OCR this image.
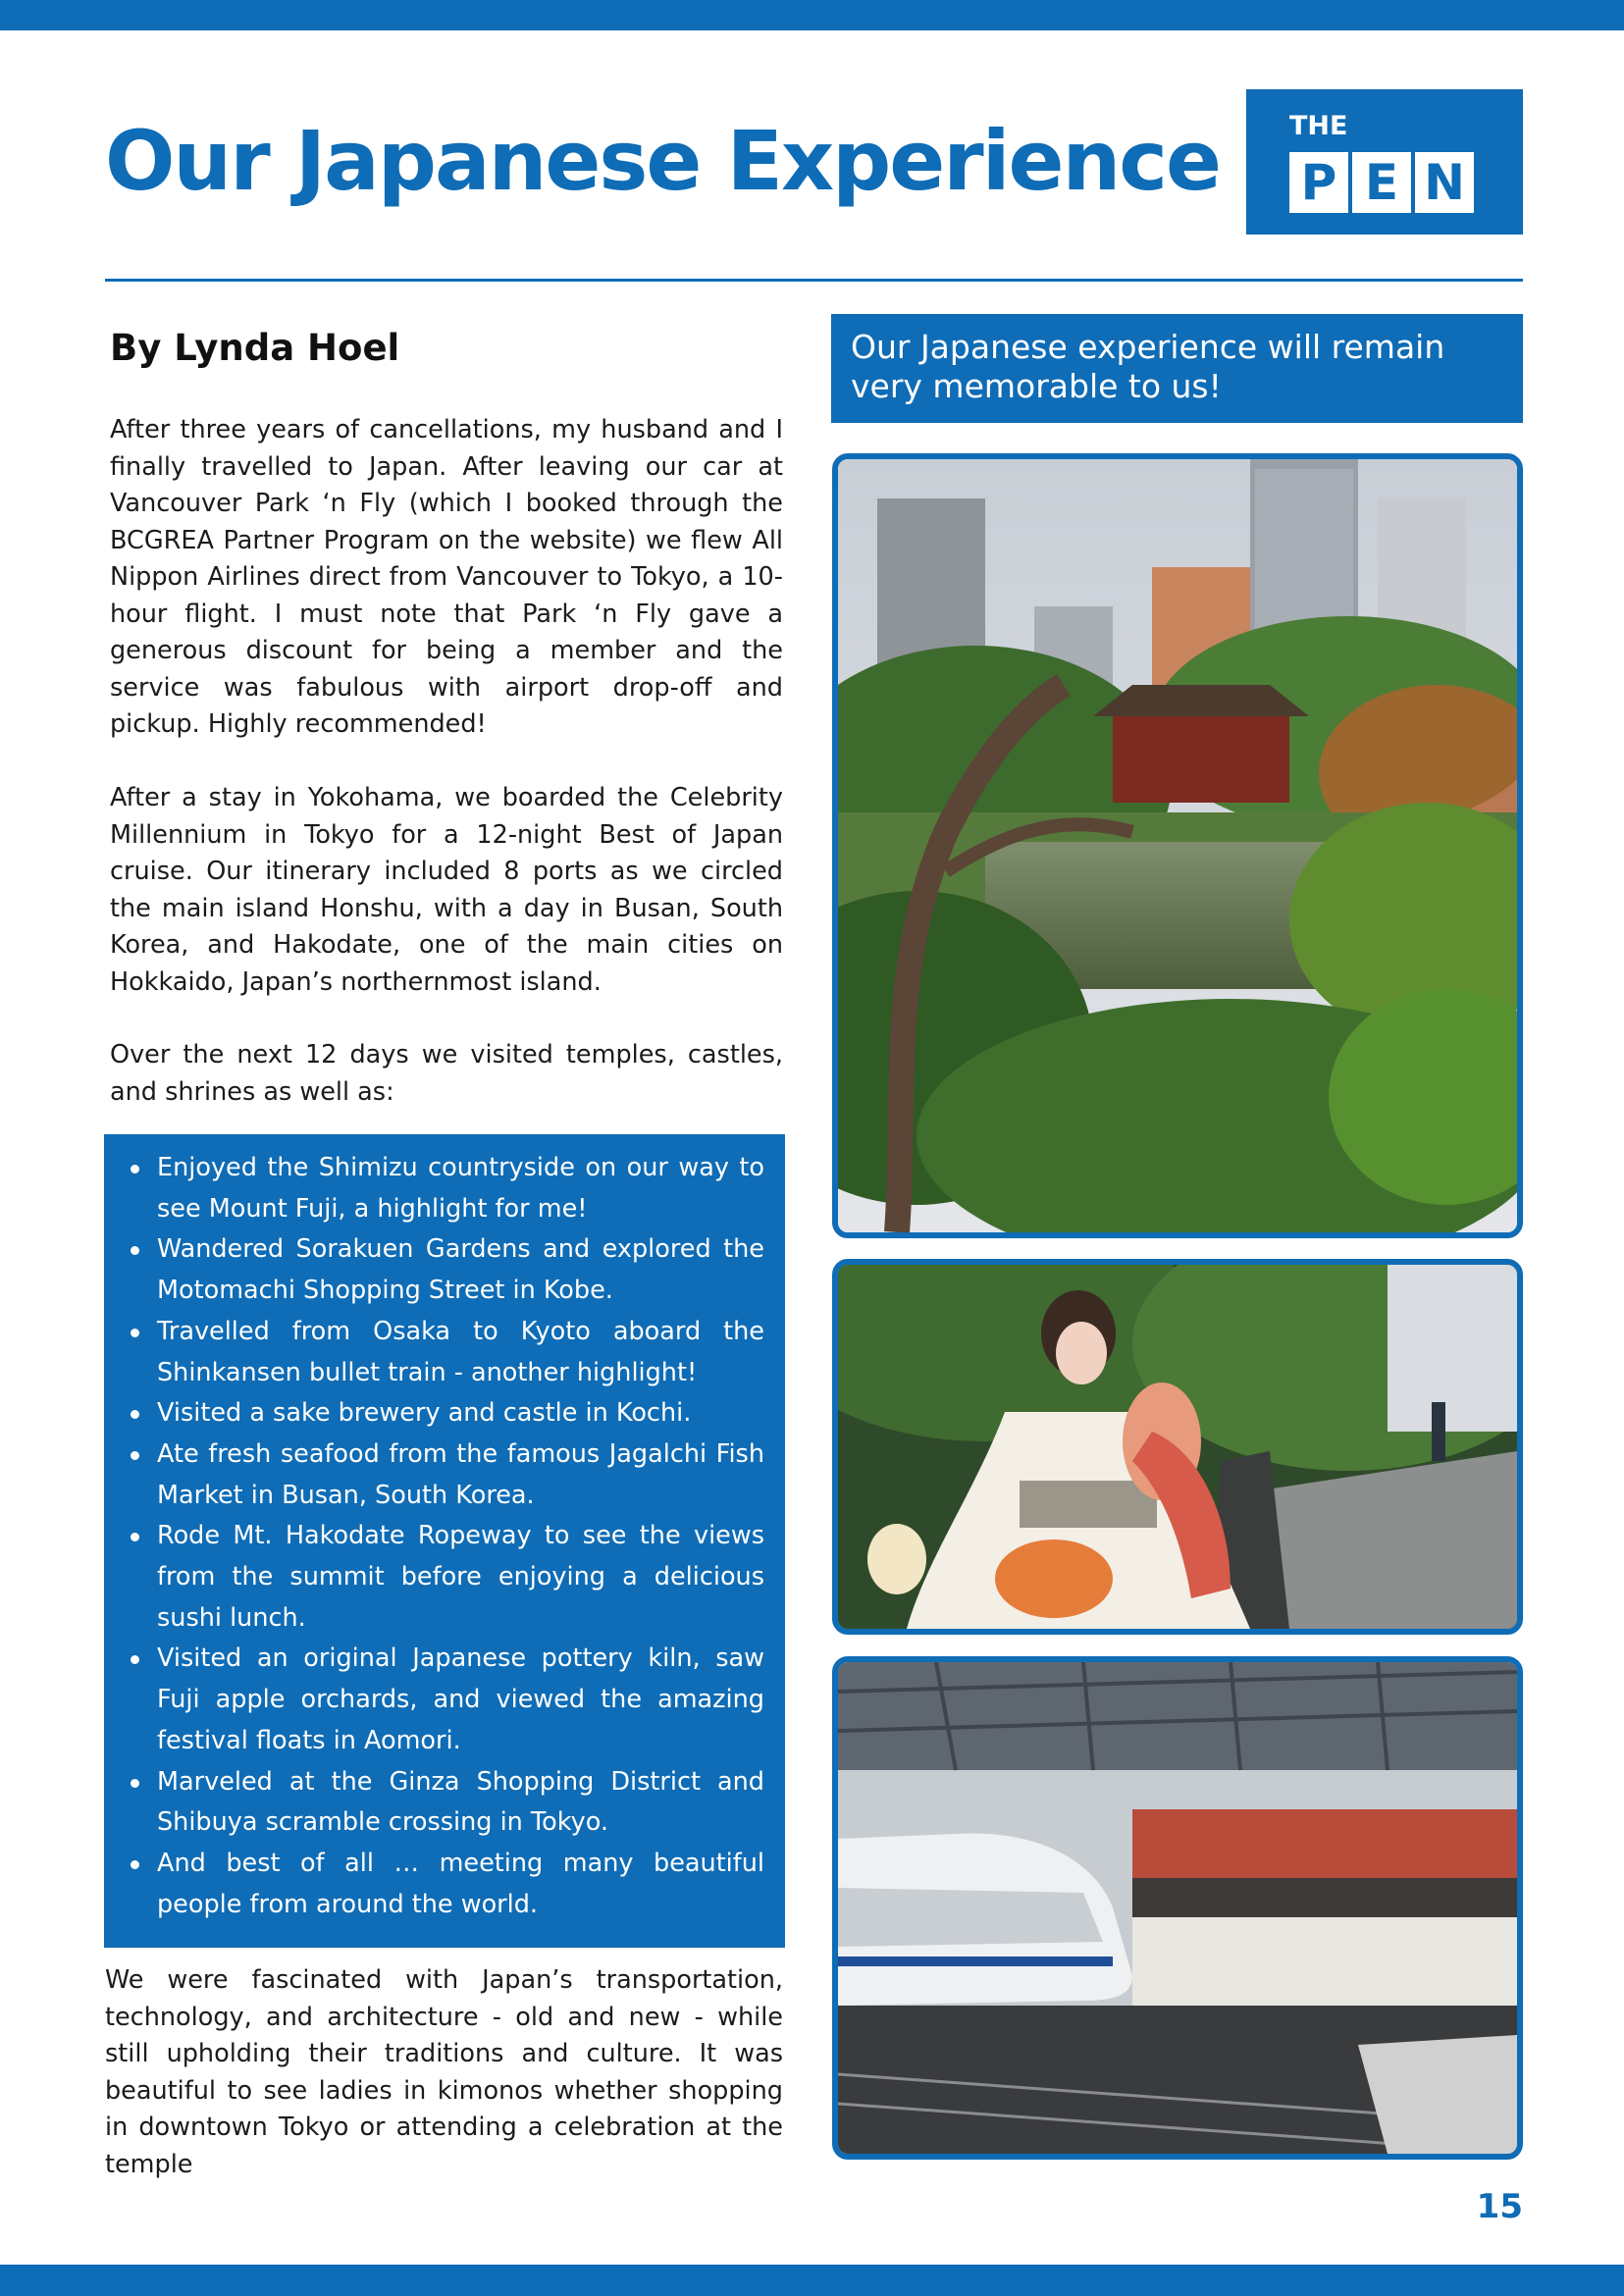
Our Japanese Experience	THE
P E N
By Lynda Hoel

After three years of cancellations, my husband and I finally travelled to Japan. After leaving our car at Vancouver Park ‘n Fly (which I booked through the BCGREA Partner Program on the website) we flew All Nippon Airlines direct from Vancouver to Tokyo, a 10-hour flight. I must note that Park ‘n Fly gave a generous discount for being a member and the service was fabulous with airport drop-off and pickup. Highly recommended!

After a stay in Yokohama, we boarded the Celebrity Millennium in Tokyo for a 12-night Best of Japan cruise. Our itinerary included 8 ports as we circled the main island Honshu, with a day in Busan, South Korea, and Hakodate, one of the main cities on Hokkaido, Japan’s northernmost island.

Over the next 12 days we visited temples, castles, and shrines as well as:

Enjoyed the Shimizu countryside on our way to see Mount Fuji, a highlight for me!
Wandered Sorakuen Gardens and explored the Motomachi Shopping Street in Kobe.
Travelled from Osaka to Kyoto aboard the Shinkansen bullet train - another highlight!
Visited a sake brewery and castle in Kochi.
Ate fresh seafood from the famous Jagalchi Fish Market in Busan, South Korea.
Rode Mt. Hakodate Ropeway to see the views from the summit before enjoying a delicious sushi lunch.
Visited an original Japanese pottery kiln, saw Fuji apple orchards, and viewed the amazing festival floats in Aomori.
Marveled at the Ginza Shopping District and Shibuya scramble crossing in Tokyo.
And best of all … meeting many beautiful people from around the world.

We were fascinated with Japan’s transportation, technology, and architecture - old and new - while still upholding their traditions and culture. It was beautiful to see ladies in kimonos whether shopping in downtown Tokyo or attending a celebration at the temple

Our Japanese experience will remain very memorable to us!
15
